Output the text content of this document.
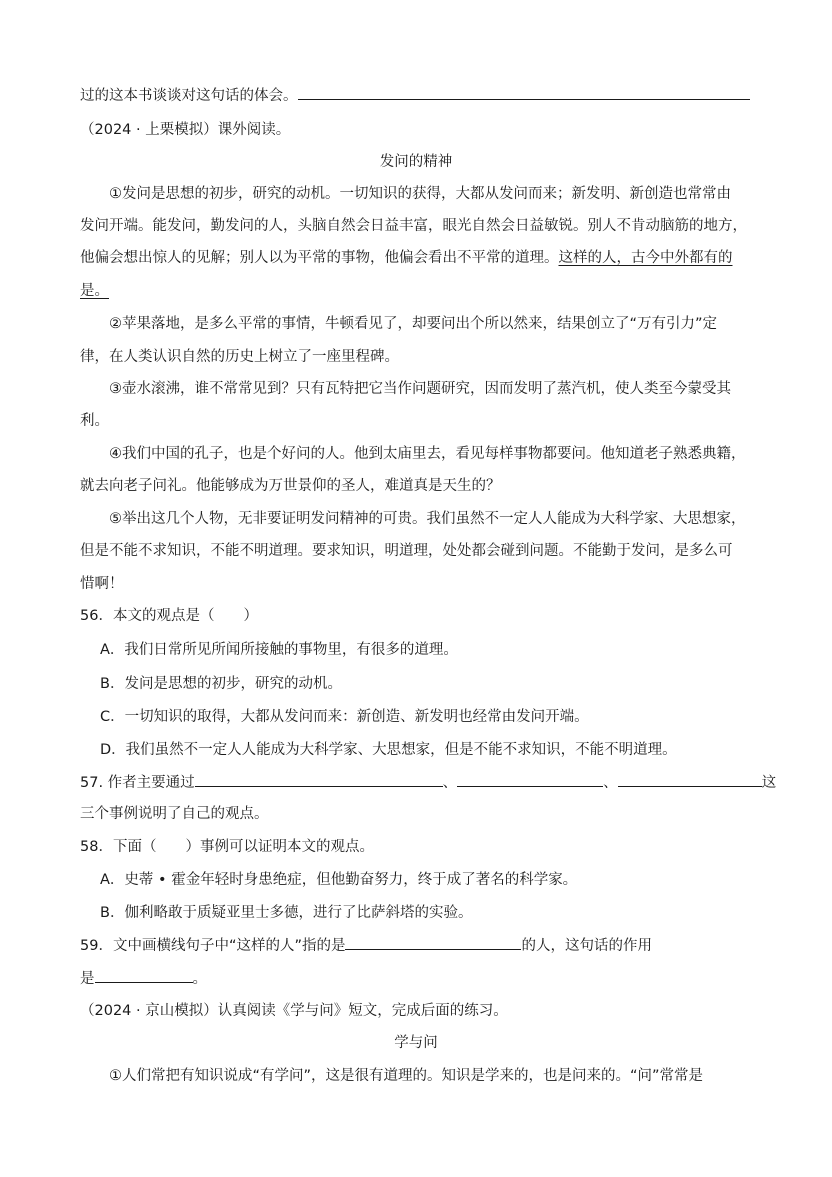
过的这本书谈谈对这句话的体会。
（2024 · 上栗模拟）课外阅读。
发问的精神
①发问是思想的初步，研究的动机。一切知识的获得，大都从发问而来；新发明、新创造也常常由
发问开端。能发问，勤发问的人，头脑自然会日益丰富，眼光自然会日益敏锐。别人不肯动脑筋的地方，
他偏会想出惊人的见解；别人以为平常的事物，他偏会看出不平常的道理。这样的人，古今中外都有的
是。
②苹果落地，是多么平常的事情，牛顿看见了，却要问出个所以然来，结果创立了“万有引力”定
律，在人类认识自然的历史上树立了一座里程碑。
③壶水滚沸，谁不常常见到？只有瓦特把它当作问题研究，因而发明了蒸汽机，使人类至今蒙受其
利。
④我们中国的孔子，也是个好问的人。他到太庙里去，看见每样事物都要问。他知道老子熟悉典籍，
就去向老子问礼。他能够成为万世景仰的圣人，难道真是天生的？
⑤举出这几个人物，无非要证明发问精神的可贵。我们虽然不一定人人能成为大科学家、大思想家，
但是不能不求知识，不能不明道理。要求知识，明道理，处处都会碰到问题。不能勤于发问，是多么可
惜啊！
56．本文的观点是（　　）
A．我们日常所见所闻所接触的事物里，有很多的道理。
B．发问是思想的初步，研究的动机。
C．一切知识的取得，大都从发问而来：新创造、新发明也经常由发问开端。
D．我们虽然不一定人人能成为大科学家、大思想家，但是不能不求知识，不能不明道理。
57. 作者主要通过	、	、	这
三个事例说明了自己的观点。
58．下面（　　）事例可以证明本文的观点。
A．史蒂 • 霍金年轻时身患绝症，但他勤奋努力，终于成了著名的科学家。
B．伽利略敢于质疑亚里士多德，进行了比萨斜塔的实验。
59．文中画横线句子中“这样的人”指的是	的人，这句话的作用
是	。
（2024 · 京山模拟）认真阅读《学与问》短文，完成后面的练习。
学与问
①人们常把有知识说成“有学问”，这是很有道理的。知识是学来的，也是问来的。“问”常常是
